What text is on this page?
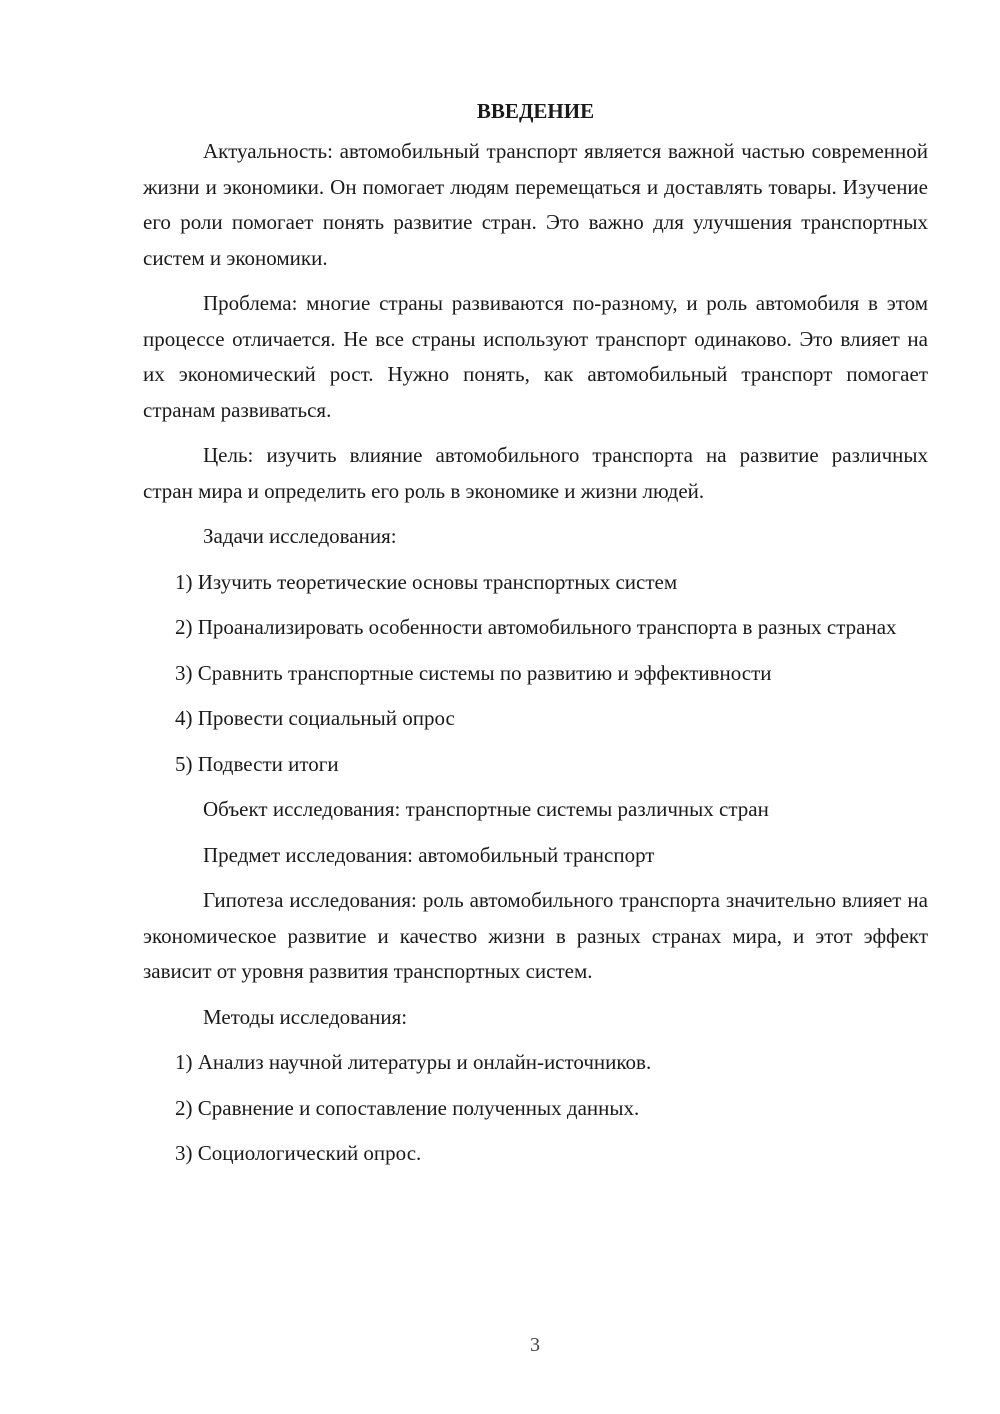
ВВЕДЕНИЕ

Актуальность: автомобильный транспорт является важной частью современной жизни и экономики. Он помогает людям перемещаться и доставлять товары. Изучение его роли помогает понять развитие стран. Это важно для улучшения транспортных систем и экономики.

Проблема: многие страны развиваются по-разному, и роль автомобиля в этом процессе отличается. Не все страны используют транспорт одинаково. Это влияет на их экономический рост. Нужно понять, как автомобильный транспорт помогает странам развиваться.

Цель: изучить влияние автомобильного транспорта на развитие различных стран мира и определить его роль в экономике и жизни людей.

Задачи исследования:

1) Изучить теоретические основы транспортных систем

2) Проанализировать особенности автомобильного транспорта в разных странах

3) Сравнить транспортные системы по развитию и эффективности

4) Провести социальный опрос

5) Подвести итоги

Объект исследования: транспортные системы различных стран

Предмет исследования: автомобильный транспорт

Гипотеза исследования: роль автомобильного транспорта значительно влияет на экономическое развитие и качество жизни в разных странах мира, и этот эффект зависит от уровня развития транспортных систем.

Методы исследования:

1) Анализ научной литературы и онлайн-источников.

2) Сравнение и сопоставление полученных данных.

3) Социологический опрос.

3
